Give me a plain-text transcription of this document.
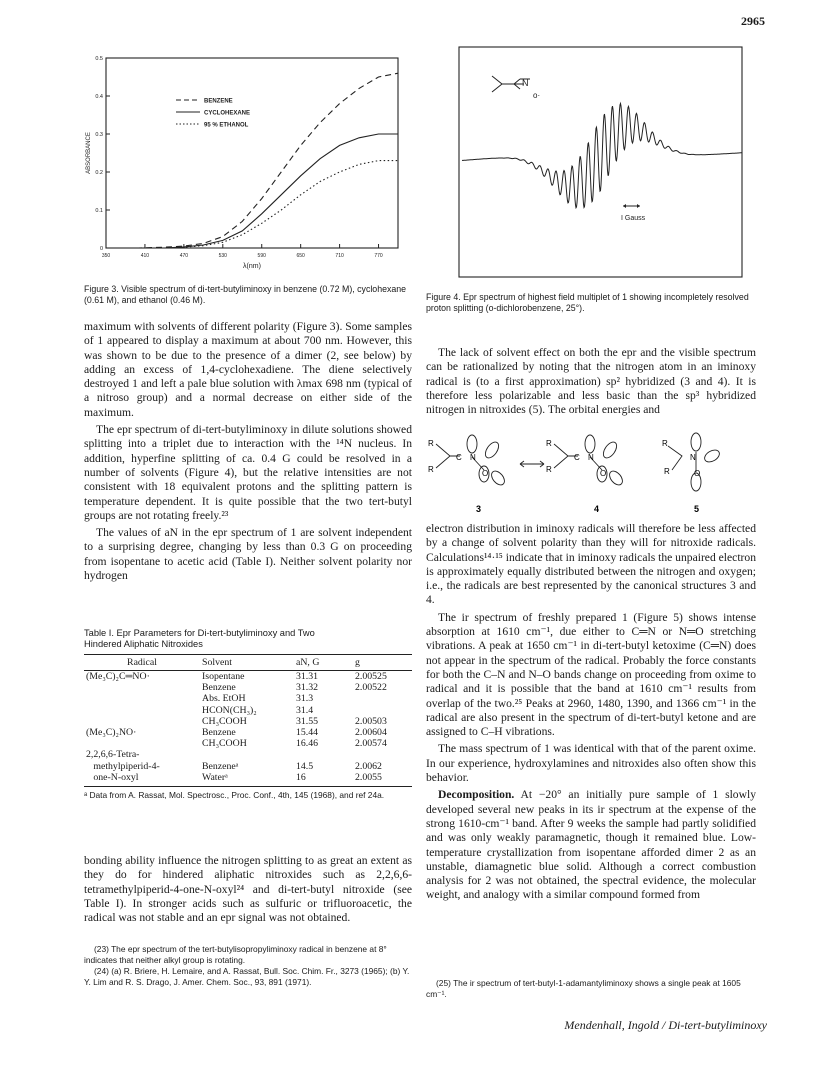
2965
0
0.1
0.2
0.3
0.4
0.5
350	410	470	530	590	650	710	770
λ(nm)
ABSORBANCE
BENZENE
CYCLOHEXANE
95 % ETHANOL
Figure 3. Visible spectrum of di-tert-butyliminoxy in benzene (0.72 M), cyclohexane (0.61 M), and ethanol (0.46 M).
N
o·
I Gauss
Figure 4. Epr spectrum of highest field multiplet of 1 showing incompletely resolved proton splitting (o-dichlorobenzene, 25°).

maximum with solvents of different polarity (Figure 3). Some samples of 1 appeared to display a maximum at about 700 nm. However, this was shown to be due to the presence of a dimer (2, see below) by adding an excess of 1,4-cyclohexadiene. The diene selectively destroyed 1 and left a pale blue solution with λmax 698 nm (typical of a nitroso group) and a normal decrease on either side of the maximum.

The epr spectrum of di-tert-butyliminoxy in dilute solutions showed splitting into a triplet due to interaction with the ¹⁴N nucleus. In addition, hyperfine splitting of ca. 0.4 G could be resolved in a number of solvents (Figure 4), but the relative intensities are not consistent with 18 equivalent protons and the splitting pattern is temperature dependent. It is quite possible that the two tert-butyl groups are not rotating freely.²³

The values of aN in the epr spectrum of 1 are solvent independent to a surprising degree, changing by less than 0.3 G on proceeding from isopentane to acetic acid (Table I). Neither solvent polarity nor hydrogen

Table I. Epr Parameters for Di-tert-butyliminoxy and Two Hindered Aliphatic Nitroxides
Radical	Solvent	aN, G	g
(Me₃C)₂C═NO·	Isopentane	31.31	2.00525
	Benzene	31.32	2.00522
	Abs. EtOH	31.3	
	HCON(CH₃)₂	31.4	
	CH₃COOH	31.55	2.00503
(Me₃C)₂NO·	Benzene	15.44	2.00604
	CH₃COOH	16.46	2.00574
2,2,6,6-Tetra-			
methylpiperid-4-	Benzeneᵃ	14.5	2.0062
one-N-oxyl	Waterᵃ	16	2.0055
ᵃ Data from A. Rassat, Mol. Spectrosc., Proc. Conf., 4th, 145 (1968), and ref 24a.

bonding ability influence the nitrogen splitting to as great an extent as they do for hindered aliphatic nitroxides such as 2,2,6,6-tetramethylpiperid-4-one-N-oxyl²⁴ and di-tert-butyl nitroxide (see Table I). In stronger acids such as sulfuric or trifluoroacetic, the radical was not stable and an epr signal was not obtained.

(23) The epr spectrum of the tert-butylisopropyliminoxy radical in benzene at 8° indicates that neither alkyl group is rotating.

(24) (a) R. Briere, H. Lemaire, and A. Rassat, Bull. Soc. Chim. Fr., 3273 (1965); (b) Y. Y. Lim and R. S. Drago, J. Amer. Chem. Soc., 93, 891 (1971).

The lack of solvent effect on both the epr and the visible spectrum can be rationalized by noting that the nitrogen atom in an iminoxy radical is (to a first approximation) sp² hybridized (3 and 4). It is therefore less polarizable and less basic than the sp³ hybridized nitrogen in nitroxides (5). The orbital energies and

R
R
C N
O
R
R
C N
O
R
R
N
O
3	4	5

electron distribution in iminoxy radicals will therefore be less affected by a change of solvent polarity than they will for nitroxide radicals. Calculations¹⁴·¹⁵ indicate that in iminoxy radicals the unpaired electron is approximately equally distributed between the nitrogen and oxygen; i.e., the radicals are best represented by the canonical structures 3 and 4.

The ir spectrum of freshly prepared 1 (Figure 5) shows intense absorption at 1610 cm⁻¹, due either to C═N or N═O stretching vibrations. A peak at 1650 cm⁻¹ in di-tert-butyl ketoxime (C═N) does not appear in the spectrum of the radical. Probably the force constants for both the C–N and N–O bands change on proceeding from oxime to radical and it is possible that the band at 1610 cm⁻¹ results from overlap of the two.²⁵ Peaks at 2960, 1480, 1390, and 1366 cm⁻¹ in the radical are also present in the spectrum of di-tert-butyl ketone and are assigned to C–H vibrations.

The mass spectrum of 1 was identical with that of the parent oxime. In our experience, hydroxylamines and nitroxides also often show this behavior.

Decomposition. At −20° an initially pure sample of 1 slowly developed several new peaks in its ir spectrum at the expense of the strong 1610-cm⁻¹ band. After 9 weeks the sample had partly solidified and was only weakly paramagnetic, though it remained blue. Low-temperature crystallization from isopentane afforded dimer 2 as an unstable, diamagnetic blue solid. Although a correct combustion analysis for 2 was not obtained, the spectral evidence, the molecular weight, and analogy with a similar compound formed from

(25) The ir spectrum of tert-butyl-1-adamantyliminoxy shows a single peak at 1605 cm⁻¹.

Mendenhall, Ingold / Di-tert-butyliminoxy
